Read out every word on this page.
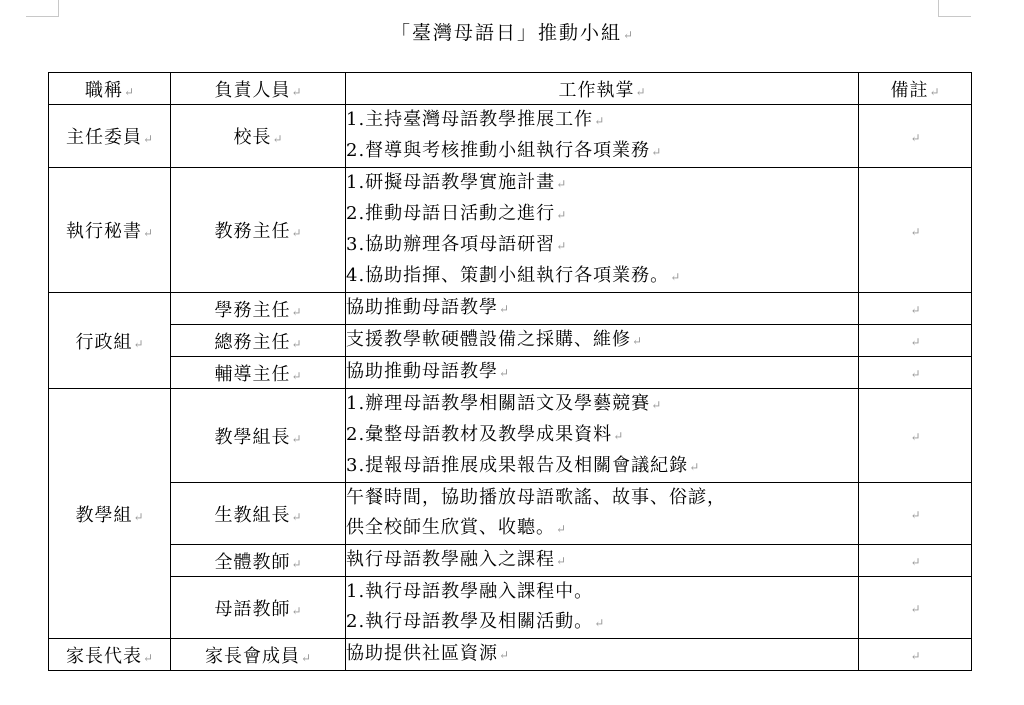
「臺灣母語日」推動小組↵
職稱↵	負責人員↵	工作執掌↵	備註↵
主任委員↵	校長↵	1.主持臺灣母語教學推展工作↵
2.督導與考核推動小組執行各項業務↵	↵
執行秘書↵	教務主任↵	1.研擬母語教學實施計畫↵
2.推動母語日活動之進行↵
3.協助辦理各項母語研習↵
4.協助指揮、策劃小組執行各項業務。↵	↵
行政組↵	學務主任↵	協助推動母語教學↵	↵
	總務主任↵	支援教學軟硬體設備之採購、維修↵	↵
	輔導主任↵	協助推動母語教學↵	↵
教學組↵	教學組長↵	1.辦理母語教學相關語文及學藝競賽↵
2.彙整母語教材及教學成果資料↵
3.提報母語推展成果報告及相關會議紀錄↵	↵
	生教組長↵	午餐時間，協助播放母語歌謠、故事、俗諺，
供全校師生欣賞、收聽。↵	↵
	全體教師↵	執行母語教學融入之課程↵	↵
	母語教師↵	1.執行母語教學融入課程中。
2.執行母語教學及相關活動。↵	↵
家長代表↵	家長會成員↵	協助提供社區資源↵	↵
